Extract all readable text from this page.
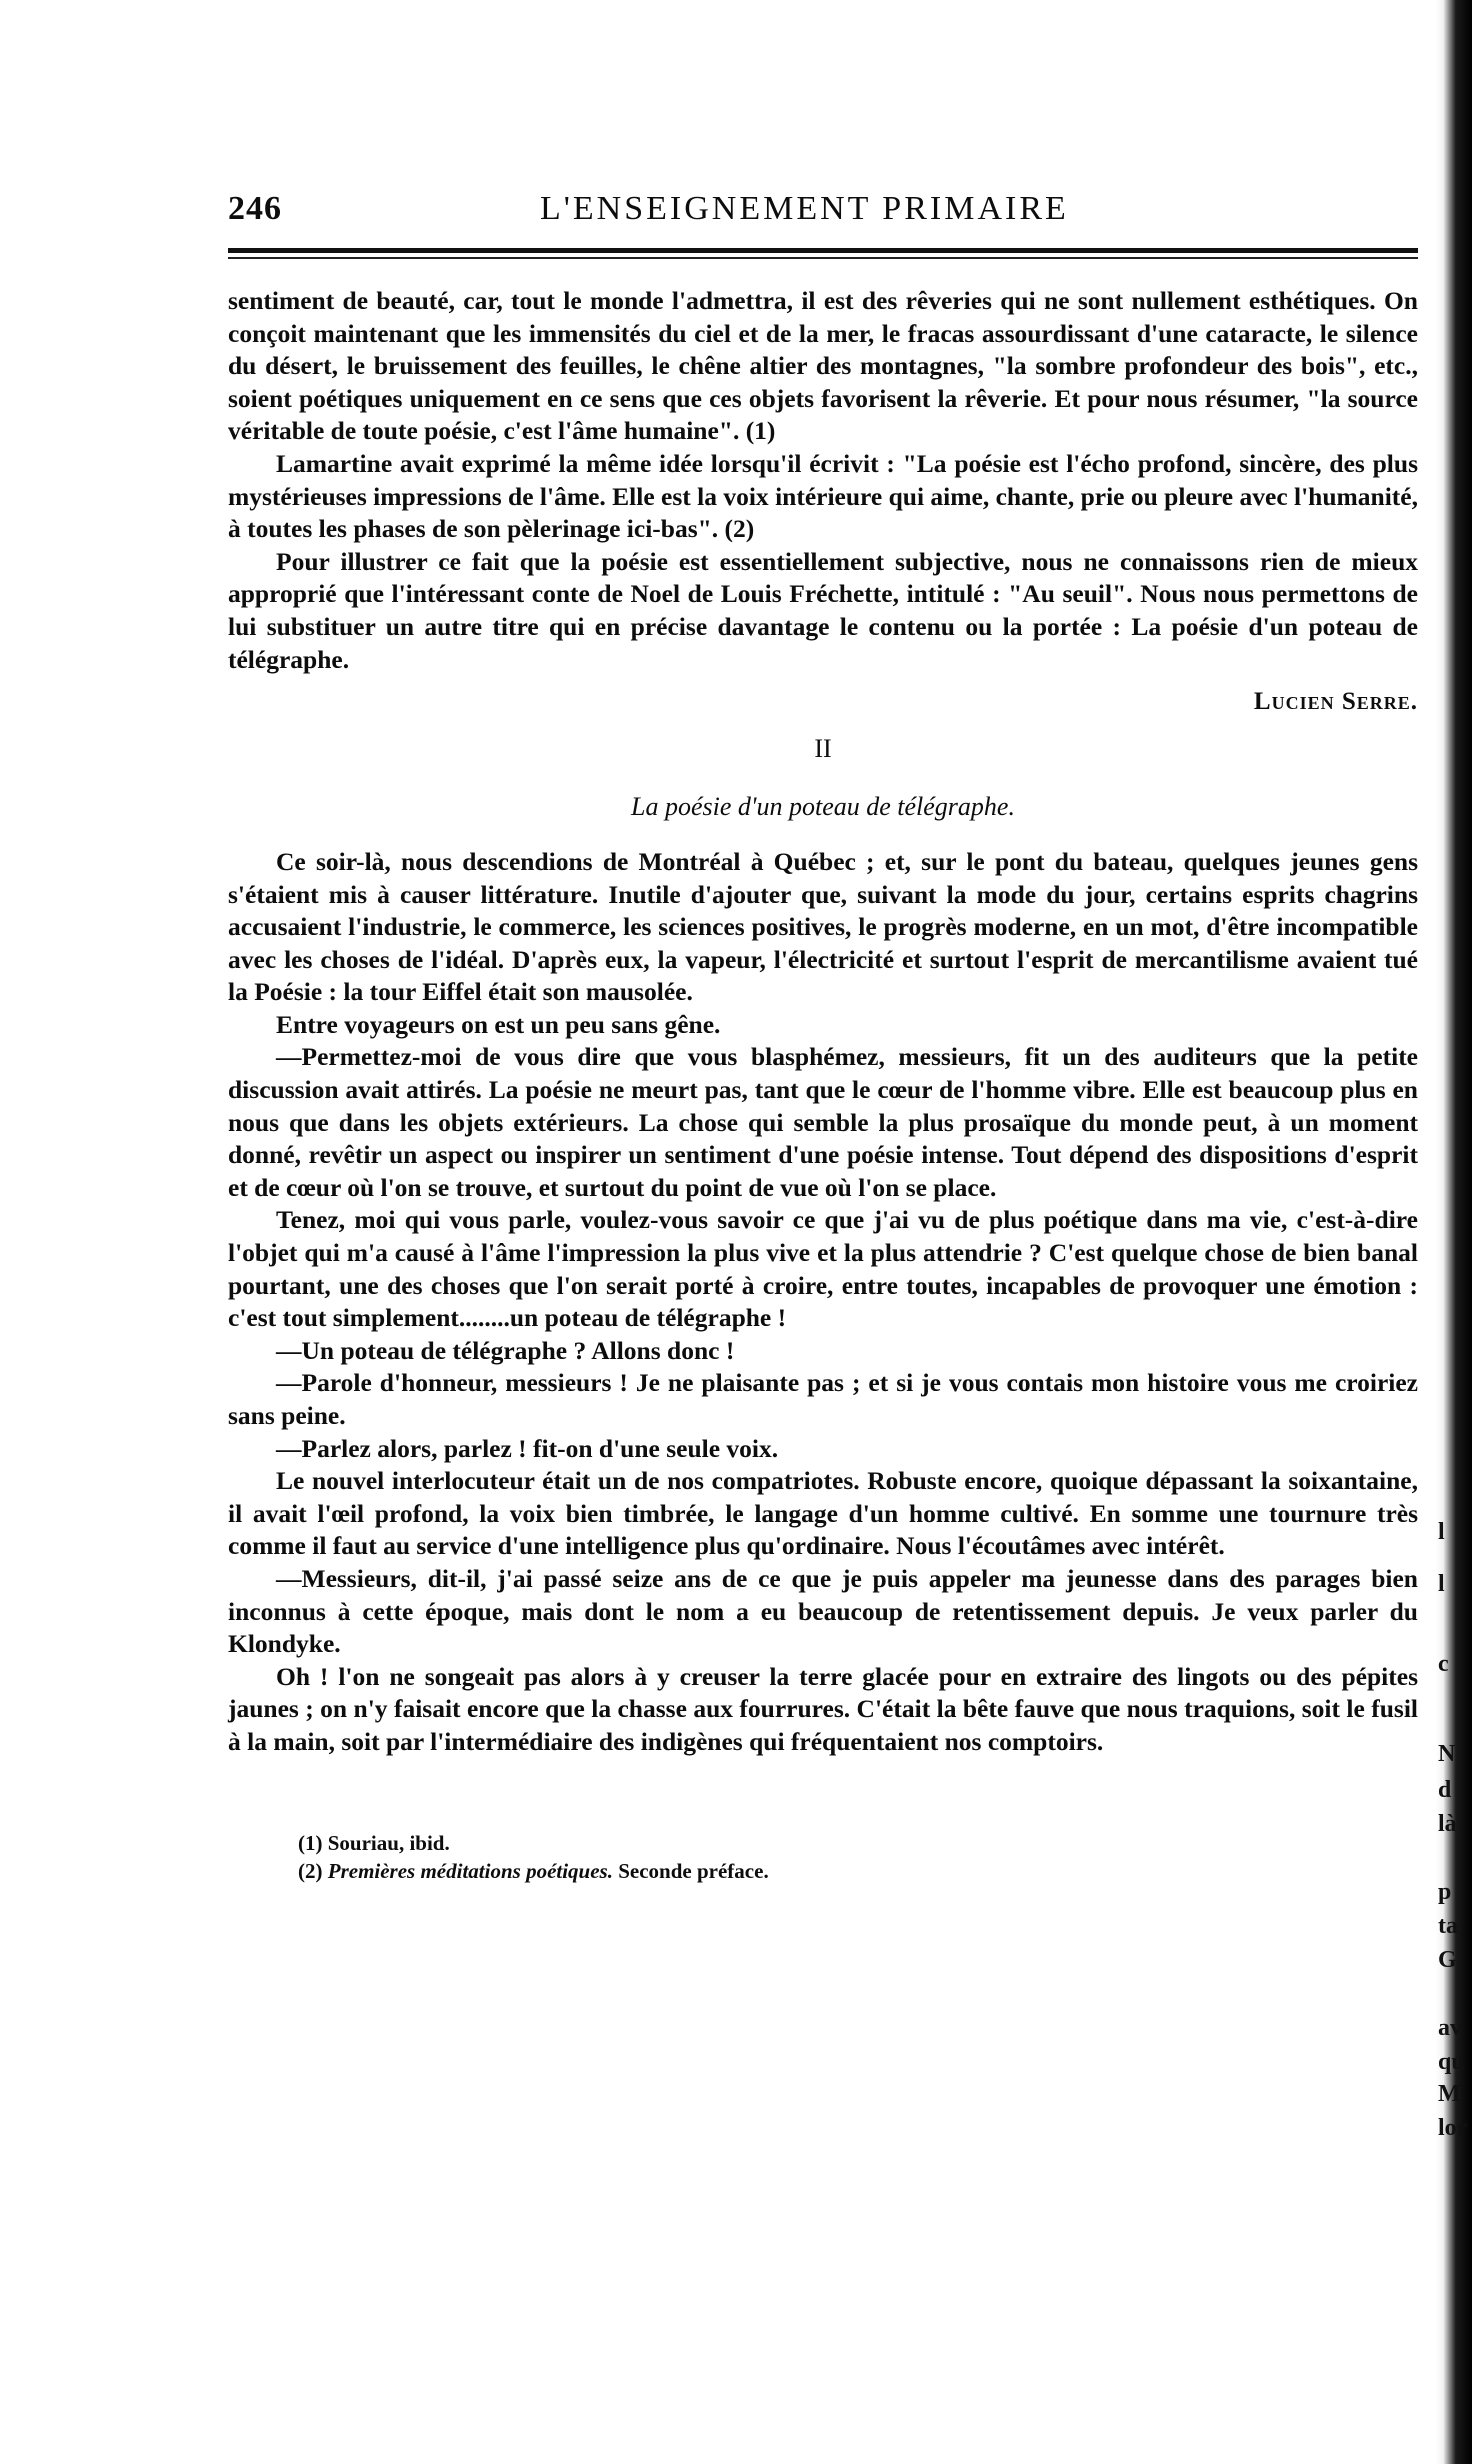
l
l
c
N
d
là
p
ta
G
av
qu
M
lor
246	L'ENSEIGNEMENT PRIMAIRE

sentiment de beauté, car, tout le monde l'admettra, il est des rêveries qui ne sont nullement esthétiques. On conçoit maintenant que les immensités du ciel et de la mer, le fracas assourdissant d'une cataracte, le silence du désert, le bruissement des feuilles, le chêne altier des montagnes, "la sombre profondeur des bois", etc., soient poétiques uniquement en ce sens que ces objets favorisent la rêverie. Et pour nous résumer, "la source véritable de toute poésie, c'est l'âme humaine". (1)

Lamartine avait exprimé la même idée lorsqu'il écrivit : "La poésie est l'écho profond, sincère, des plus mystérieuses impressions de l'âme. Elle est la voix intérieure qui aime, chante, prie ou pleure avec l'humanité, à toutes les phases de son pèlerinage ici-bas". (2)

Pour illustrer ce fait que la poésie est essentiellement subjective, nous ne connaissons rien de mieux approprié que l'intéressant conte de Noel de Louis Fréchette, intitulé : "Au seuil". Nous nous permettons de lui substituer un autre titre qui en précise davantage le contenu ou la portée : La poésie d'un poteau de télégraphe.

Lucien Serre.

II

La poésie d'un poteau de télégraphe.

Ce soir-là, nous descendions de Montréal à Québec ; et, sur le pont du bateau, quelques jeunes gens s'étaient mis à causer littérature. Inutile d'ajouter que, suivant la mode du jour, certains esprits chagrins accusaient l'industrie, le commerce, les sciences positives, le progrès moderne, en un mot, d'être incompatible avec les choses de l'idéal. D'après eux, la vapeur, l'électricité et surtout l'esprit de mercantilisme avaient tué la Poésie : la tour Eiffel était son mausolée.

Entre voyageurs on est un peu sans gêne.

—Permettez-moi de vous dire que vous blasphémez, messieurs, fit un des auditeurs que la petite discussion avait attirés. La poésie ne meurt pas, tant que le cœur de l'homme vibre. Elle est beaucoup plus en nous que dans les objets extérieurs. La chose qui semble la plus prosaïque du monde peut, à un moment donné, revêtir un aspect ou inspirer un sentiment d'une poésie intense. Tout dépend des dispositions d'esprit et de cœur où l'on se trouve, et surtout du point de vue où l'on se place.

Tenez, moi qui vous parle, voulez-vous savoir ce que j'ai vu de plus poétique dans ma vie, c'est-à-dire l'objet qui m'a causé à l'âme l'impression la plus vive et la plus attendrie ? C'est quelque chose de bien banal pourtant, une des choses que l'on serait porté à croire, entre toutes, incapables de provoquer une émotion : c'est tout simplement........un poteau de télégraphe !

—Un poteau de télégraphe ? Allons donc !

—Parole d'honneur, messieurs ! Je ne plaisante pas ; et si je vous contais mon histoire vous me croiriez sans peine.

—Parlez alors, parlez ! fit-on d'une seule voix.

Le nouvel interlocuteur était un de nos compatriotes. Robuste encore, quoique dépassant la soixantaine, il avait l'œil profond, la voix bien timbrée, le langage d'un homme cultivé. En somme une tournure très comme il faut au service d'une intelligence plus qu'ordinaire. Nous l'écoutâmes avec intérêt.

—Messieurs, dit-il, j'ai passé seize ans de ce que je puis appeler ma jeunesse dans des parages bien inconnus à cette époque, mais dont le nom a eu beaucoup de retentissement depuis. Je veux parler du Klondyke.

Oh ! l'on ne songeait pas alors à y creuser la terre glacée pour en extraire des lingots ou des pépites jaunes ; on n'y faisait encore que la chasse aux fourrures. C'était la bête fauve que nous traquions, soit le fusil à la main, soit par l'intermédiaire des indigènes qui fréquentaient nos comptoirs.

(1) Souriau, ibid.

(2) Premières méditations poétiques. Seconde préface.
